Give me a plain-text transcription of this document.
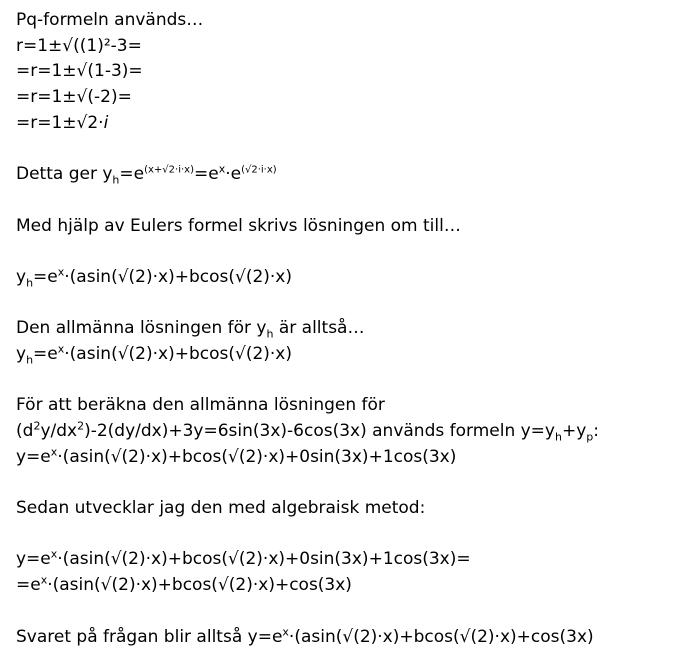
Pq-formeln används…
r=1±√((1)²-3=
=r=1±√(1-3)=
=r=1±√(-2)=
=r=1±√2·i
Detta ger $y_h=e^{(x+√2\cdot i\cdot x)}=e^x\cdot e^{(√2\cdot i\cdot x)}$
Med hjälp av Eulers formel skrivs lösningen om till…
$y_h=e^x\cdot(asin(√(2)\cdot x)+bcos(√(2)\cdot x)$
Den allmänna lösningen för $y_h$ är alltså…
$y_h=e^x\cdot(asin(√(2)\cdot x)+bcos(√(2)\cdot x)$
För att beräkna den allmänna lösningen för
$(d^2y/dx^2)-2(dy/dx)+3y=6\sin(3x)-6\cos(3x)$ används formeln $y=y_h+y_p$:
$y=e^x\cdot(asin(√(2)\cdot x)+bcos(√(2)\cdot x)+0\sin(3x)+1\cos(3x)$
Sedan utvecklar jag den med algebraisk metod:
$y=e^x\cdot(asin(√(2)\cdot x)+bcos(√(2)\cdot x)+0\sin(3x)+1\cos(3x)=$
$=e^x\cdot(asin(√(2)\cdot x)+bcos(√(2)\cdot x)+\cos(3x)$
Svaret på frågan blir alltså $y=e^x\cdot(asin(√(2)\cdot x)+bcos(√(2)\cdot x)+\cos(3x)$
